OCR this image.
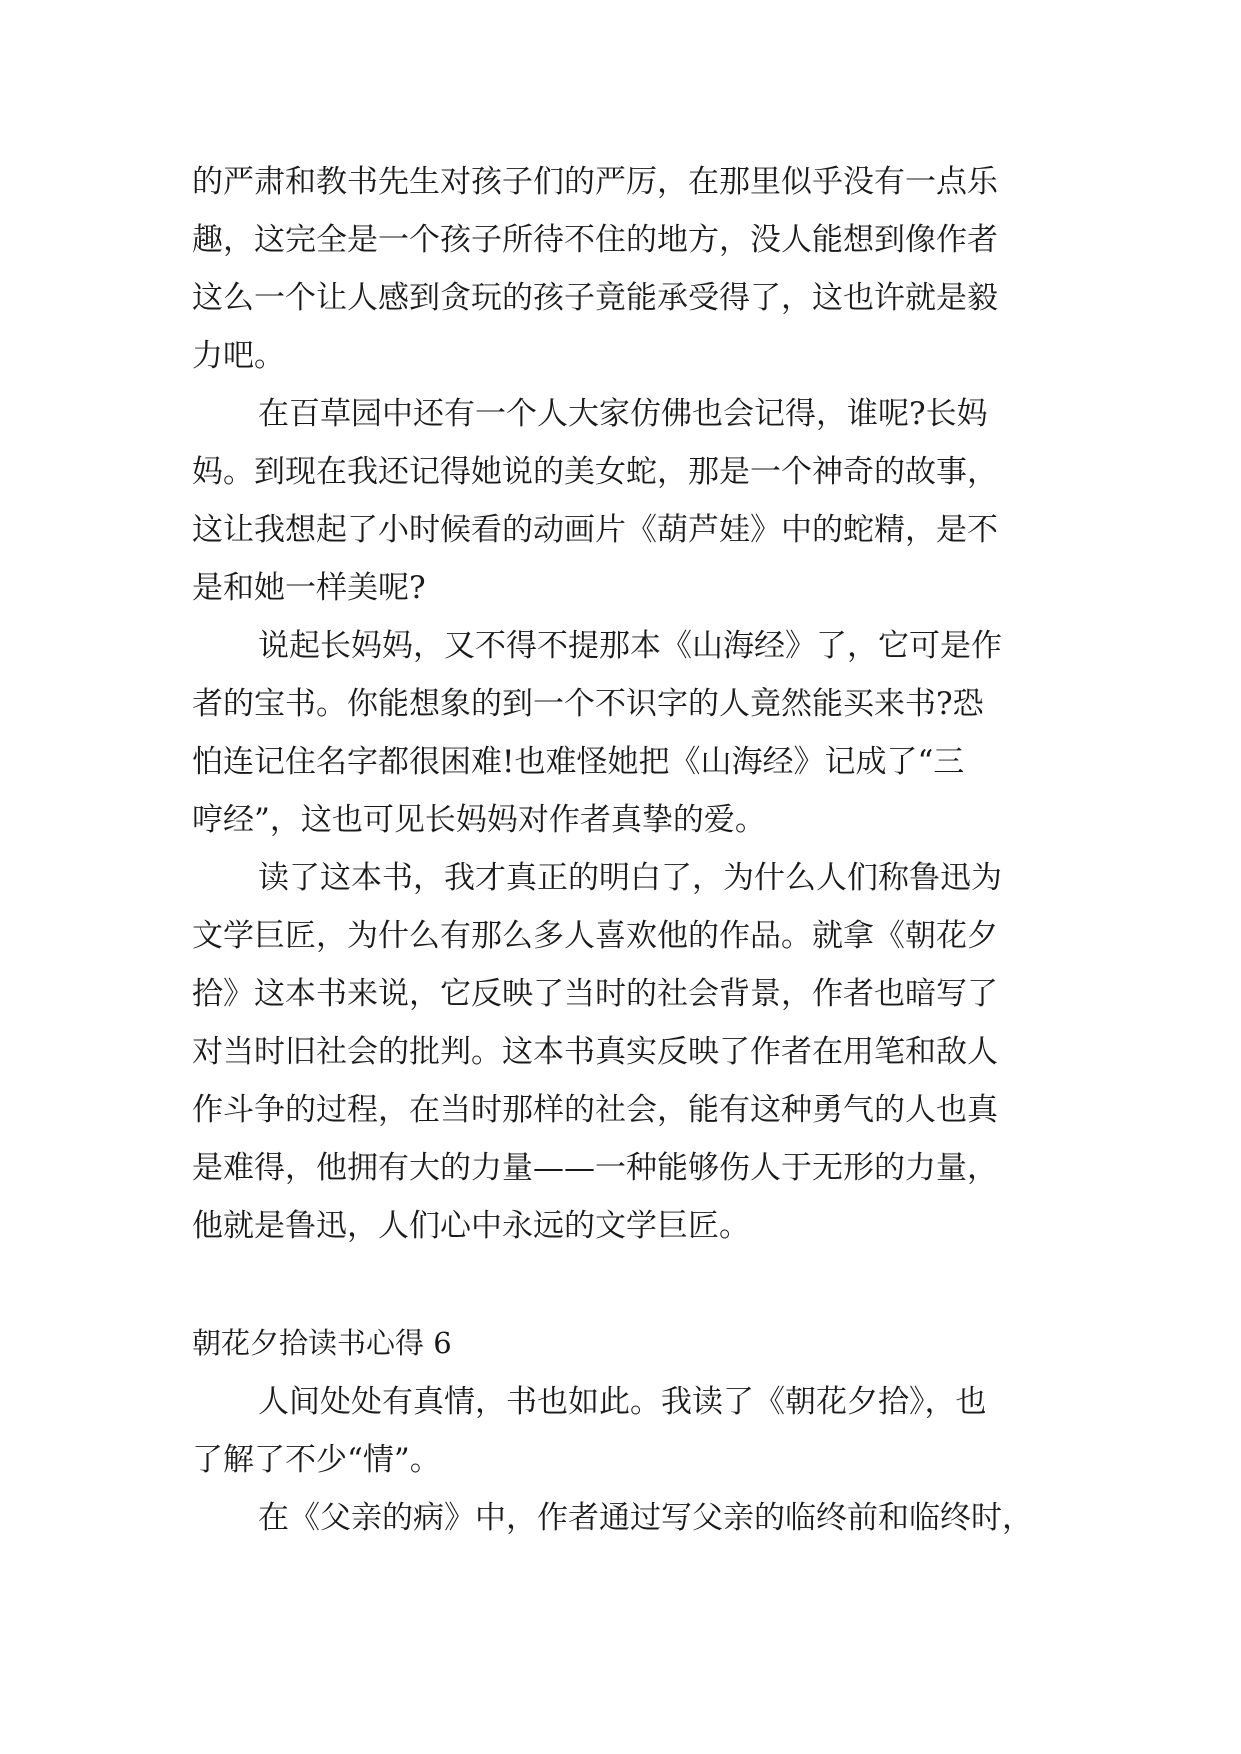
的严肃和教书先生对孩子们的严厉，在那里似乎没有一点乐
趣，这完全是一个孩子所待不住的地方，没人能想到像作者
这么一个让人感到贪玩的孩子竟能承受得了，这也许就是毅
力吧。
在百草园中还有一个人大家仿佛也会记得，谁呢?长妈
妈。到现在我还记得她说的美女蛇，那是一个神奇的故事，
这让我想起了小时候看的动画片《葫芦娃》中的蛇精，是不
是和她一样美呢?
说起长妈妈，又不得不提那本《山海经》了，它可是作
者的宝书。你能想象的到一个不识字的人竟然能买来书?恐
怕连记住名字都很困难!也难怪她把《山海经》记成了“三
哼经”，这也可见长妈妈对作者真挚的爱。
读了这本书，我才真正的明白了，为什么人们称鲁迅为
文学巨匠，为什么有那么多人喜欢他的作品。就拿《朝花夕
拾》这本书来说，它反映了当时的社会背景，作者也暗写了
对当时旧社会的批判。这本书真实反映了作者在用笔和敌人
作斗争的过程，在当时那样的社会，能有这种勇气的人也真
是难得，他拥有大的力量——一种能够伤人于无形的力量，
他就是鲁迅，人们心中永远的文学巨匠。
朝花夕拾读书心得 6
人间处处有真情，书也如此。我读了《朝花夕拾》，也
了解了不少“情”。
在《父亲的病》中，作者通过写父亲的临终前和临终时，
